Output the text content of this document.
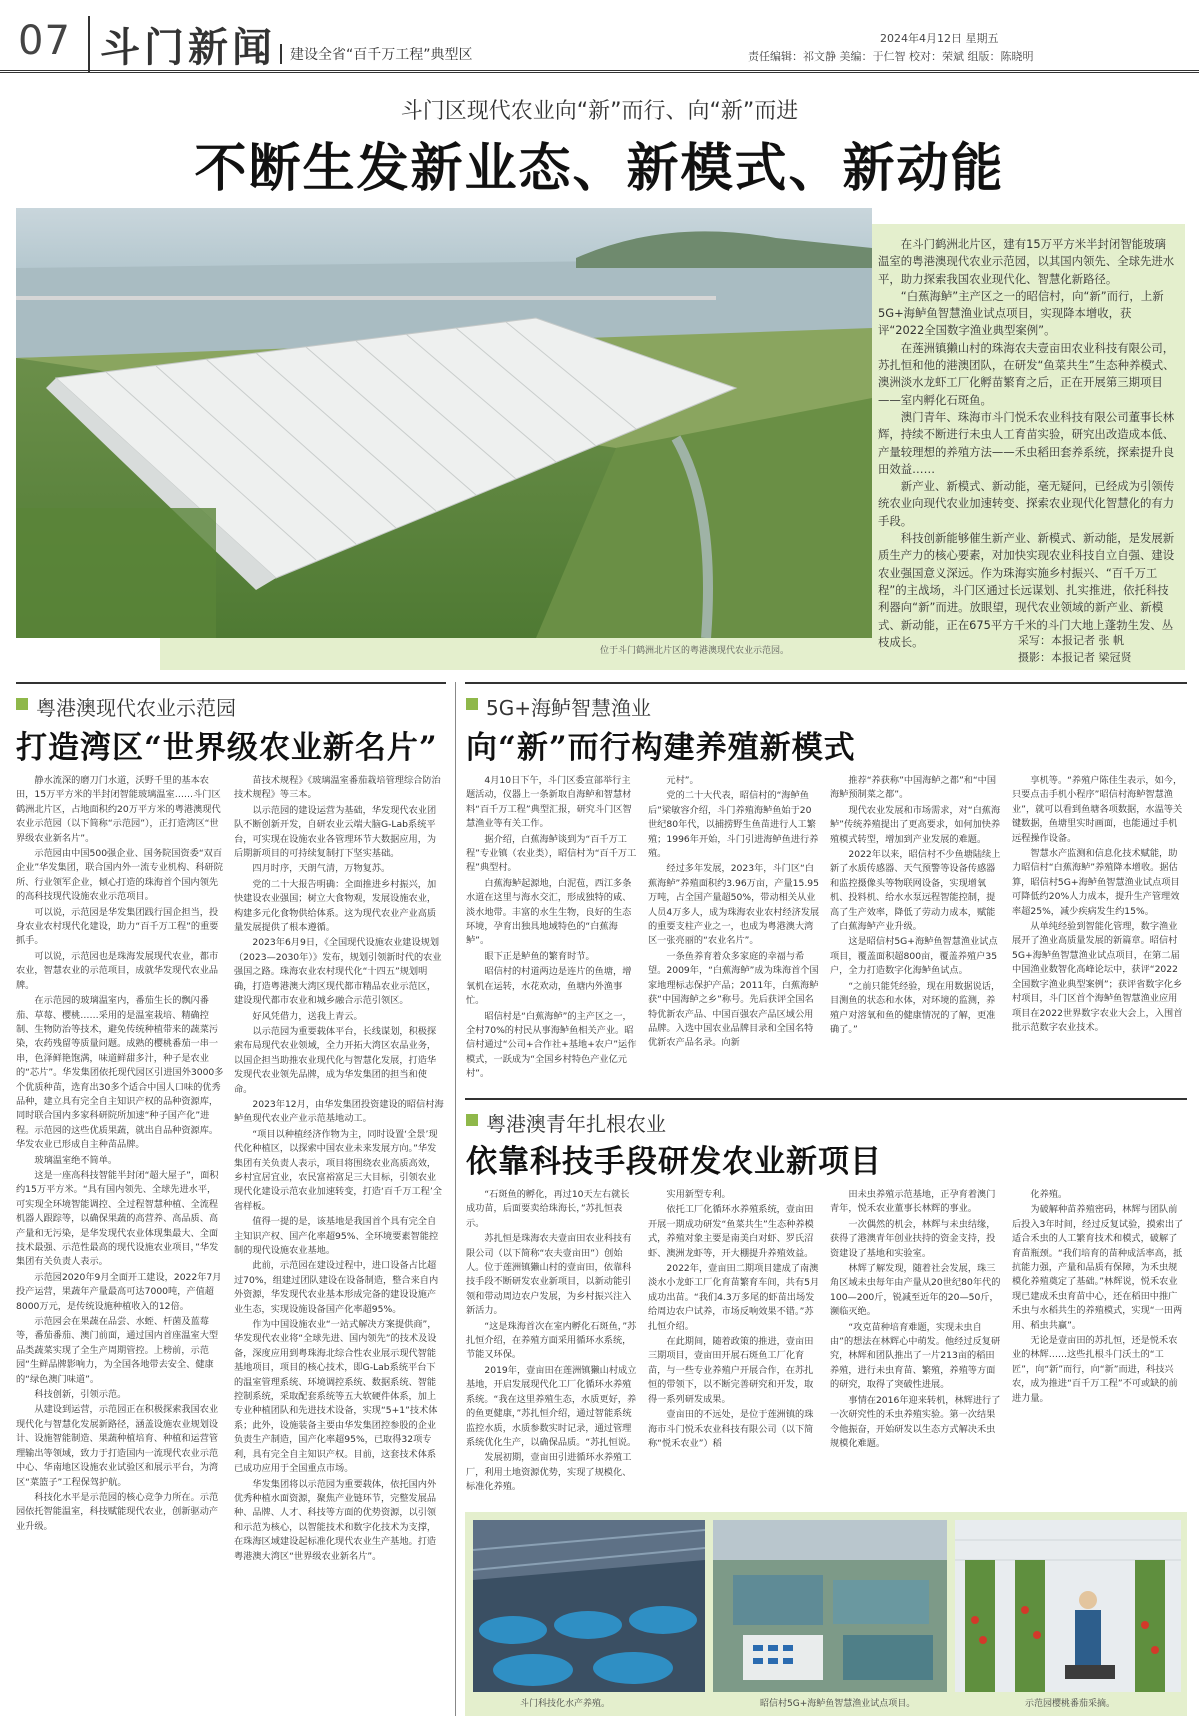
07 斗门新闻	建设全省“百千万工程”典型区
2024年4月12日 星期五
责任编辑：祁文静 美编：于仁智 校对：荣斌 组版：陈晓明
斗门区现代农业向“新”而行、向“新”而进
不断生发新业态、新模式、新动能
位于斗门鹤洲北片区的粤港澳现代农业示范园。

在斗门鹤洲北片区，建有15万平方米半封闭智能玻璃温室的粤港澳现代农业示范园，以其国内领先、全球先进水平，助力探索我国农业现代化、智慧化新路径。

“白蕉海鲈”主产区之一的昭信村，向“新”而行，上新5G+海鲈鱼智慧渔业试点项目，实现降本增收，获评“2022全国数字渔业典型案例”。

在莲洲镇獭山村的珠海农夫壹亩田农业科技有限公司，苏扎恒和他的港澳团队，在研发“鱼菜共生”生态种养模式、澳洲淡水龙虾工厂化孵苗繁育之后，正在开展第三期项目——室内孵化石斑鱼。

澳门青年、珠海市斗门悦禾农业科技有限公司董事长林辉，持续不断进行未虫人工育苗实验，研究出改造成本低、产量较理想的养殖方法——禾虫稻田套养系统，探索提升良田效益……

新产业、新模式、新动能，毫无疑问，已经成为引领传统农业向现代农业加速转变、探索农业现代化智慧化的有力手段。

科技创新能够催生新产业、新模式、新动能，是发展新质生产力的核心要素，对加快实现农业科技自立自强、建设农业强国意义深远。作为珠海实施乡村振兴、“百千万工程”的主战场，斗门区通过长远谋划、扎实推进，依托科技利器向“新”而进。放眼望，现代农业领域的新产业、新模式、新动能，正在675平方千米的斗门大地上蓬勃生发、丛枝成长。	采写：本报记者 张 帆
摄影：本报记者 梁冠贤
粤港澳现代农业示范园
打造湾区“世界级农业新名片”

静水流深的磨刀门水道，沃野千里的基本农田，15万平方米的半封闭智能玻璃温室……斗门区鹤洲北片区，占地面积约20万平方米的粤港澳现代农业示范园（以下简称“示范园”），正打造湾区“世界级农业新名片”。

示范园由中国500强企业、国务院国资委“双百企业”华发集团，联合国内外一流专业机构、科研院所、行业领军企业，倾心打造的珠海首个国内领先的高科技现代设施农业示范项目。

可以说，示范园是华发集团践行国企担当，投身农业农村现代化建设，助力“百千万工程”的重要抓手。

可以说，示范园也是珠海发展现代农业，都市农业，智慧农业的示范项目，成就华发现代农业品牌。

在示范园的玻璃温室内，番茄生长的飘闪番茄、草莓、樱桃……采用的是温室栽培、精确控制、生物防治等技术，避免传统种植带来的蔬菜污染，农药残留等质量问题。成熟的樱桃番茄一串一串，色泽鲜艳饱满，味道鲜甜多汁，种子是农业的“芯片”。华发集团依托现代园区引进国外3000多个优质种苗，选育出30多个适合中国人口味的优秀品种，建立具有完全自主知识产权的品种资源库，同时联合国内多家科研院所加速“种子国产化”进程。示范园的这些优质果蔬，就出自品种资源库。华发农业已形成自主种苗品牌。

玻璃温室绝不简单。

这是一座高科技智能半封闭“超大屋子”，面积约15万平方米。“具有国内领先、全球先进水平，可实现全环境智能调控、全过程智慧种植、全流程机器人跟踪等，以确保果蔬的高营养、高品质、高产量和无污染，是华发现代农业体现集最大、全面技术最强、示范性最高的现代设施农业项目，”华发集团有关负责人表示。

示范园2020年9月全面开工建设，2022年7月投产运营，果蔬年产量最高可达7000吨，产值超8000万元，是传统设施种植收入的12倍。

示范园会在果蔬在品尝、水蛭、杆菌及蓝莓等，番茄番茄、澳门前面，通过国内首座温室大型品类蔬菜实现了全生产周期管控。上榜前，示范园“生鲜品牌影响力，为全国各地带去安全、健康的“绿色澳门味道”。

科技创新，引领示范。

从建设到运营，示范园正在积极探索我国农业现代化与智慧化发展新路径，涵盖设施农业规划设计、设施智能制造、果蔬种植培育、种植和运营管理输出等领域，致力于打造国内一流现代农业示范中心、华南地区设施农业试验区和展示平台，为湾区“菜篮子”工程保驾护航。

科技化水平是示范园的核心竞争力所在。示范园依托智能温室，科技赋能现代农业，创新驱动产业升级。

苗技术规程》《玻璃温室番茄栽培管理综合防治技术规程》等三本。

以示范园的建设运营为基础，华发现代农业团队不断创新开发，自研农业云端大脑G-Lab系统平台，可实现在设施农业各管理环节大数据应用，为后期新项目的可持续复制打下坚实基础。

四月时序，天朗气清，万物复苏。

党的二十大报告明确：全面推进乡村振兴，加快建设农业强国；树立大食物观，发展设施农业，构建多元化食物供给体系。这为现代农业产业高质量发展提供了根本遵循。

2023年6月9日，《全国现代设施农业建设规划（2023—2030年）》发布，规划引领新时代的农业强国之路。珠海农业农村现代化“十四五”规划明确，打造粤港澳大湾区现代都市精品农业示范区，建设现代都市农业和城乡融合示范引领区。

好风凭借力，送我上青云。

以示范园为重要载体平台，长线谋划，积极探索布局现代农业领域，全力开拓大湾区农品业务，以国企担当助推农业现代化与智慧化发展，打造华发现代农业领先品牌，成为华发集团的担当和使命。

2023年12月，由华发集团投资建设的昭信村海鲈鱼现代农业产业示范基地动工。

“项目以种植经济作物为主，同时设置‘全景’现代化种植区，以探索中国农业未来发展方向。”华发集团有关负责人表示，项目将围绕农业高质高效，乡村宜居宜业，农民富裕富足三大目标，引领农业现代化建设示范农业加速转变，打造‘百千万工程’全省样板。

值得一提的是，该基地是我国首个具有完全自主知识产权、国产化率超95%、全环境要素智能控制的现代设施农业基地。

此前，示范园在建设过程中，进口设备占比超过70%，组建过团队建设在设备制造，整合来自内外资源，华发现代农业基本形成完备的建设设施产业生态，实现设施设备国产化率超95%。

作为中国设施农业“一站式解决方案提供商”，华发现代农业将“全球先进、国内领先”的技术及设备，深度应用到粤珠海北综合性农业展示现代智能基地项目，项目的核心技术，即G-Lab系统平台下的温室管理系统、环境调控系统、数据系统、智能控制系统，采取配套系统等五大软硬件体系，加上专业种植团队和先进技术设备，实现“5+1”技术体系；此外，设施装备主要由华发集团控参股的企业负责生产制造，国产化率超95%，已取得32项专利，具有完全自主知识产权。目前，这套技术体系已成功应用于全国重点市场。

华发集团将以示范园为重要载体，依托国内外优秀种植水面资源，聚焦产业链环节，完整发展品种、品牌、人才、科技等方面的优势资源，以引领和示范为核心，以智能技术和数字化技术为支撑，在珠海区域建设起标准化现代农业生产基地。打造粤港澳大湾区“世界级农业新名片”。

5G+海鲈智慧渔业
向“新”而行构建养殖新模式

4月10日下午，斗门区委宣部举行主题活动，仪器上一条新取自海鲈和智慧材料“百千万工程”典型汇报，研究斗门区智慧渔业等有关工作。

据介绍，白蕉海鲈谈到为“百千万工程”专业镇（农业类），昭信村为“百千万工程”典型村。

白蕉海鲈起源地，白泥苞，西江多条水道在这里与海水交汇，形成独特的咸、淡水地带。丰富的水生生物，良好的生态环境，孕育出独具地域特色的“白蕉海鲈”。

眼下正是鲈鱼的繁育时节。

昭信村的村道两边是连片的鱼塘，增氧机在运转，水花欢动，鱼塘内外渔事忙。

昭信村是“白蕉海鲈”的主产区之一，全村70%的村民从事海鲈鱼相关产业。昭信村通过“公司+合作社+基地+农户”运作模式，一跃成为“全国乡村特色产业亿元村”。

元村”。

党的二十大代表，昭信村的“海鲈鱼后”梁敏容介绍，斗门养殖海鲈鱼始于20世纪80年代，以捕捞野生鱼苗进行人工繁殖；1996年开始，斗门引进海鲈鱼进行养殖。

经过多年发展，2023年，斗门区“白蕉海鲈”养殖面积约3.96万亩，产量15.95万吨，占全国产量超50%，带动相关从业人员4万多人，成为珠海农业农村经济发展的重要支柱产业之一，也成为粤港澳大湾区一张亮丽的“农业名片”。

一条鱼养育着众多家庭的幸福与希望。2009年，“白蕉海鲈”成为珠海首个国家地理标志保护产品；2011年，白蕉海鲈获“中国海鲈之乡”称号。先后获评全国名特优新农产品、中国百强农产品区域公用品牌。入选中国农业品牌目录和全国名特优新农产品名录。向新

推荐“养获称”中国海鲈之都”和“中国海鲈预制菜之都”。

现代农业发展和市场需求，对“白蕉海鲈”传统养殖提出了更高要求，如何加快养殖模式转型，增加到产业发展的难题。

2022年以来，昭信村不少鱼塘陆续上新了水质传感器、天气预警等设备传感器和监控摄像头等物联网设备，实现增氧机、投料机、给水水泵远程智能控制，提高了生产效率，降低了劳动力成本，赋能了白蕉海鲈产业升级。

这是昭信村5G+海鲈鱼智慧渔业试点项目，覆盖面积超800亩，覆盖养殖户35户，全力打造数字化海鲈鱼试点。

“之前只能凭经验，现在用数据说话，目测鱼的状态和水体，对环境的监测，养殖户对溶氧和鱼的健康情况的了解，更准确了。”

享机等。“养殖户陈佳生表示，如今，只要点击手机小程序”昭信村海鲈智慧渔业”，就可以看到鱼塘各项数据，水温等关键数据，鱼塘里实时画面，也能通过手机远程操作设备。

智慧水产监测和信息化技术赋能，助力昭信村“白蕉海鲈”养殖降本增收。据估算，昭信村5G+海鲈鱼智慧渔业试点项目可降低约20%人力成本，提升生产管理效率超25%，减少疾病发生约15%。

从单纯经验到智能化管理，数字渔业展开了渔业高质量发展的新篇章。昭信村5G+海鲈鱼智慧渔业试点项目，在第二届中国渔业数智化高峰论坛中，获评“2022全国数字渔业典型案例”；获评省数字化乡村项目，斗门区首个海鲈鱼智慧渔业应用项目在2022世界数字农业大会上，入围首批示范数字农业技术。

粤港澳青年扎根农业
依靠科技手段研发农业新项目

“石斑鱼的孵化，再过10天左右就长成功苗，后面要卖给珠海长，”苏扎恒表示。

苏扎恒是珠海农夫壹亩田农业科技有限公司（以下简称“农夫壹亩田”）创始人。位于莲洲镇獭山村的壹亩田，依靠科技手段不断研发农业新项目，以新动能引领和带动周边农户发展，为乡村振兴注入新活力。

“这是珠海首次在室内孵化石斑鱼，”苏扎恒介绍，在养殖方面采用循环水系统，节能又环保。

2019年，壹亩田在莲洲镇獭山村成立基地，开启发展现代化工厂化循环水养殖系统。“我在这里养殖生态，水质更好，养的鱼更健康，”苏扎恒介绍，通过智能系统监控水质，水质参数实时记录，通过管理系统优化生产，以确保品质。“苏扎恒说。

发展初期，壹亩田引进循环水养殖工厂，利用土地资源优势，实现了规模化、标准化养殖。

实用新型专利。

依托工厂化循环水养殖系统，壹亩田开展一期成功研发“鱼菜共生”生态种养模式，养殖对象主要是南美白对虾、罗氏沼虾、澳洲龙虾等，开大棚提升养殖效益。

2022年，壹亩田二期项目建成了南澳淡水小龙虾工厂化育苗繁育车间，共有5月成功出苗。“我们4.3万多尾的虾苗出场发给周边农户试养，市场反响效果不错。”苏扎恒介绍。

在此期间，随着政策的推进，壹亩田三期项目，壹亩田开展石斑鱼工厂化育苗，与一些专业养殖户开展合作，在苏扎恒的带领下，以不断完善研究和开发，取得一系列研发成果。

壹亩田的不远处，是位于莲洲镇的珠海市斗门悦禾农业科技有限公司（以下简称“悦禾农业”）稻

田未虫养殖示范基地，正孕育着澳门青年，悦禾农业董事长林辉的事业。

一次偶然的机会，林辉与未虫结缘，获得了港澳青年创业扶持的资金支持，投资建设了基地和实验室。

林辉了解发现，随着社会发展，珠三角区域未虫每年由产量从20世纪80年代的100—200斤，锐减至近年的20—50斤，濒临灭绝。

“攻克苗种培育难题，实现未虫自由”的想法在林辉心中萌发。他经过反复研究，林辉和团队推出了一片213亩的稻田养殖，进行未虫育苗、繁殖，养殖等方面的研究，取得了突破性进展。

事情在2016年迎来转机，林辉进行了一次研究性的禾虫养殖实验。第一次结果令他振奋，开始研发以生态方式解决禾虫规模化难题。

化养殖。

为破解种苗养殖密码，林辉与团队前后投入3年时间，经过反复试验，摸索出了适合禾虫的人工繁育技术和模式，破解了育苗瓶颈。“我们培育的苗种成活率高，抵抗能力强，产量和品质有保障，为禾虫规模化养殖奠定了基础。”林辉说，悦禾农业现已建成禾虫育苗中心，还在稻田中推广禾虫与水稻共生的养殖模式，实现“一田两用、稻虫共赢”。

无论是壹亩田的苏扎恒，还是悦禾农业的林辉……这些扎根斗门沃土的“工匠”，向“新”而行，向“新”而进，科技兴农，成为推进“百千万工程”不可或缺的前进力量。

斗门科技化水产养殖。	昭信村5G+海鲈鱼智慧渔业试点项目。	示范园樱桃番茄采摘。
